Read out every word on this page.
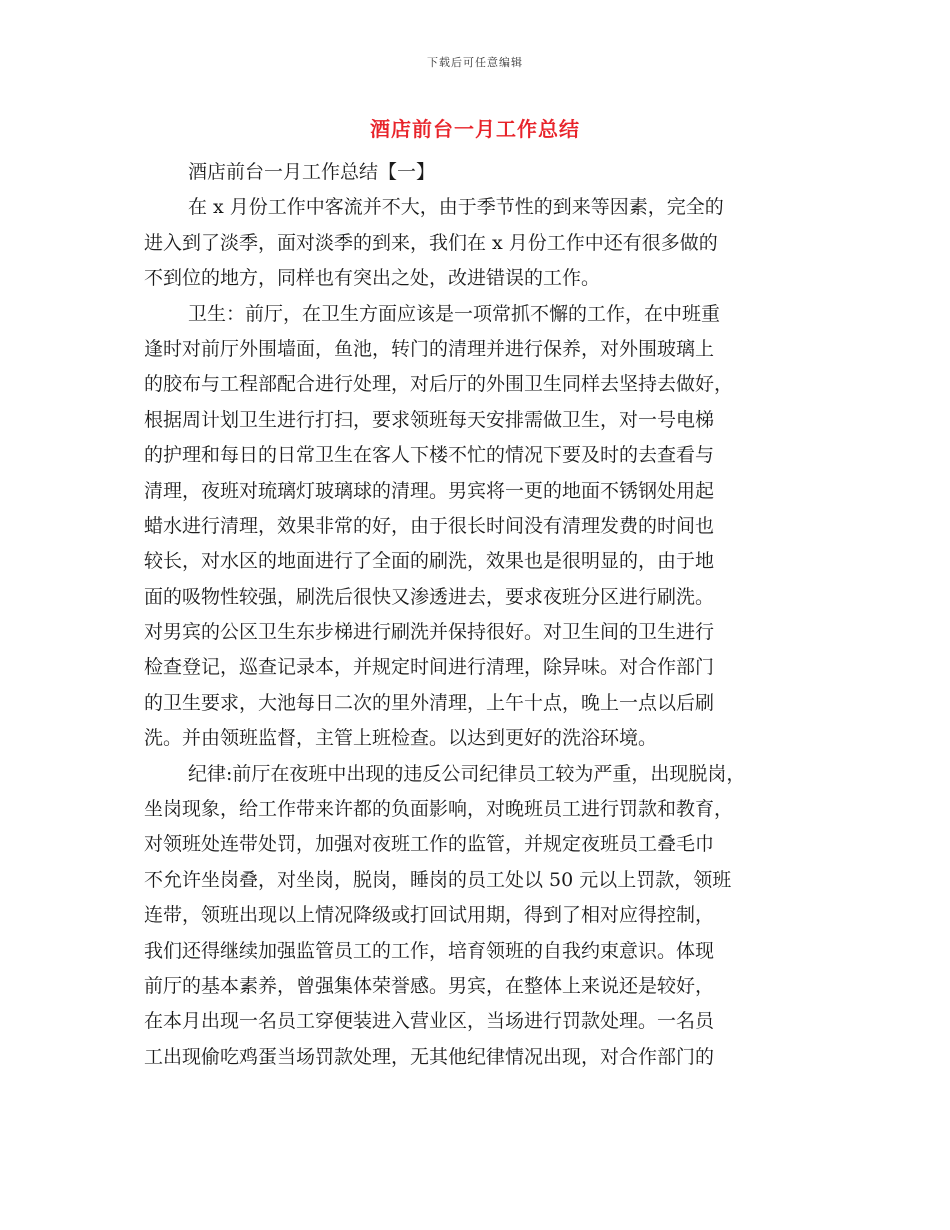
下载后可任意编辑
酒店前台一月工作总结
酒店前台一月工作总结【一】
在 x 月份工作中客流并不大，由于季节性的到来等因素，完全的
进入到了淡季，面对淡季的到来，我们在 x 月份工作中还有很多做的
不到位的地方，同样也有突出之处，改进错误的工作。
卫生：前厅，在卫生方面应该是一项常抓不懈的工作，在中班重
逢时对前厅外围墙面，鱼池，转门的清理并进行保养，对外围玻璃上
的胶布与工程部配合进行处理，对后厅的外围卫生同样去坚持去做好，
根据周计划卫生进行打扫，要求领班每天安排需做卫生，对一号电梯
的护理和每日的日常卫生在客人下楼不忙的情况下要及时的去查看与
清理，夜班对琉璃灯玻璃球的清理。男宾将一更的地面不锈钢处用起
蜡水进行清理，效果非常的好，由于很长时间没有清理发费的时间也
较长，对水区的地面进行了全面的刷洗，效果也是很明显的，由于地
面的吸物性较强，刷洗后很快又渗透进去，要求夜班分区进行刷洗。
对男宾的公区卫生东步梯进行刷洗并保持很好。对卫生间的卫生进行
检查登记，巡查记录本，并规定时间进行清理，除异味。对合作部门
的卫生要求，大池每日二次的里外清理，上午十点，晚上一点以后刷
洗。并由领班监督，主管上班检查。以达到更好的洗浴环境。
纪律:前厅在夜班中出现的违反公司纪律员工较为严重，出现脱岗，
坐岗现象，给工作带来许都的负面影响，对晚班员工进行罚款和教育，
对领班处连带处罚，加强对夜班工作的监管，并规定夜班员工叠毛巾
不允许坐岗叠，对坐岗，脱岗，睡岗的员工处以 50 元以上罚款，领班
连带，领班出现以上情况降级或打回试用期，得到了相对应得控制，
我们还得继续加强监管员工的工作，培育领班的自我约束意识。体现
前厅的基本素养，曾强集体荣誉感。男宾，在整体上来说还是较好，
在本月出现一名员工穿便装进入营业区，当场进行罚款处理。一名员
工出现偷吃鸡蛋当场罚款处理，无其他纪律情况出现，对合作部门的
